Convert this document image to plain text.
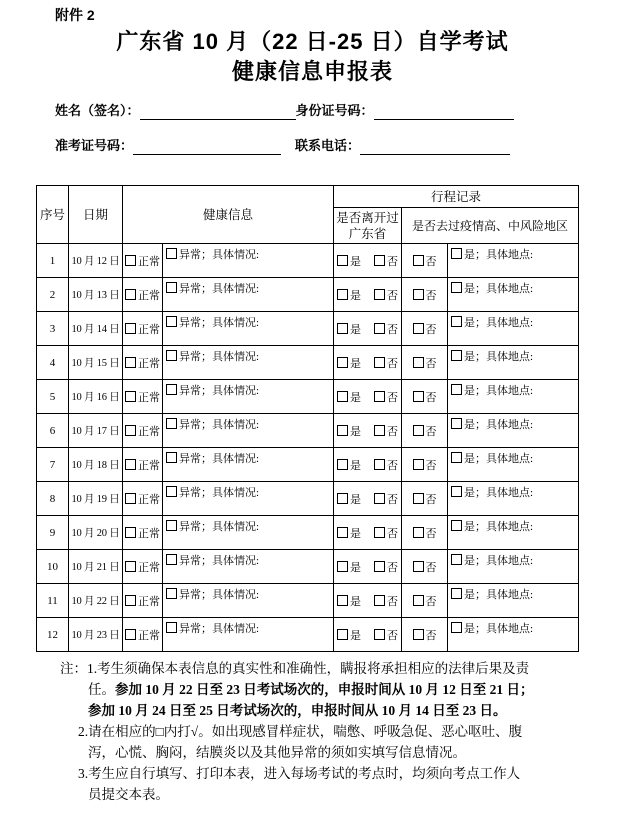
附件 2
广东省 10 月（22 日-25 日）自学考试
健康信息申报表
姓名（签名）：	身份证号码：
准考证号码：	联系电话：
序号	日期	健康信息		行程记录		
				是否离开过广东省	是否去过疫情高、中风险地区	
1	10 月 12 日	正常	异常；具体情况:	是 否	否	是；具体地点:
2	10 月 13 日	正常	异常；具体情况:	是 否	否	是；具体地点:
3	10 月 14 日	正常	异常；具体情况:	是 否	否	是；具体地点:
4	10 月 15 日	正常	异常；具体情况:	是 否	否	是；具体地点:
5	10 月 16 日	正常	异常；具体情况:	是 否	否	是；具体地点:
6	10 月 17 日	正常	异常；具体情况:	是 否	否	是；具体地点:
7	10 月 18 日	正常	异常；具体情况:	是 否	否	是；具体地点:
8	10 月 19 日	正常	异常；具体情况:	是 否	否	是；具体地点:
9	10 月 20 日	正常	异常；具体情况:	是 否	否	是；具体地点:
10	10 月 21 日	正常	异常；具体情况:	是 否	否	是；具体地点:
11	10 月 22 日	正常	异常；具体情况:	是 否	否	是；具体地点:
12	10 月 23 日	正常	异常；具体情况:	是 否	否	是；具体地点:
注：1.考生须确保本表信息的真实性和准确性，瞒报将承担相应的法律后果及责
任。参加 10 月 22 日至 23 日考试场次的，申报时间从 10 月 12 日至 21 日；
参加 10 月 24 日至 25 日考试场次的，申报时间从 10 月 14 日至 23 日。
2.请在相应的□内打√。如出现感冒样症状，喘憋、呼吸急促、恶心呕吐、腹
泻，心慌、胸闷，结膜炎以及其他异常的须如实填写信息情况。
3.考生应自行填写、打印本表，进入每场考试的考点时，均须向考点工作人
员提交本表。
